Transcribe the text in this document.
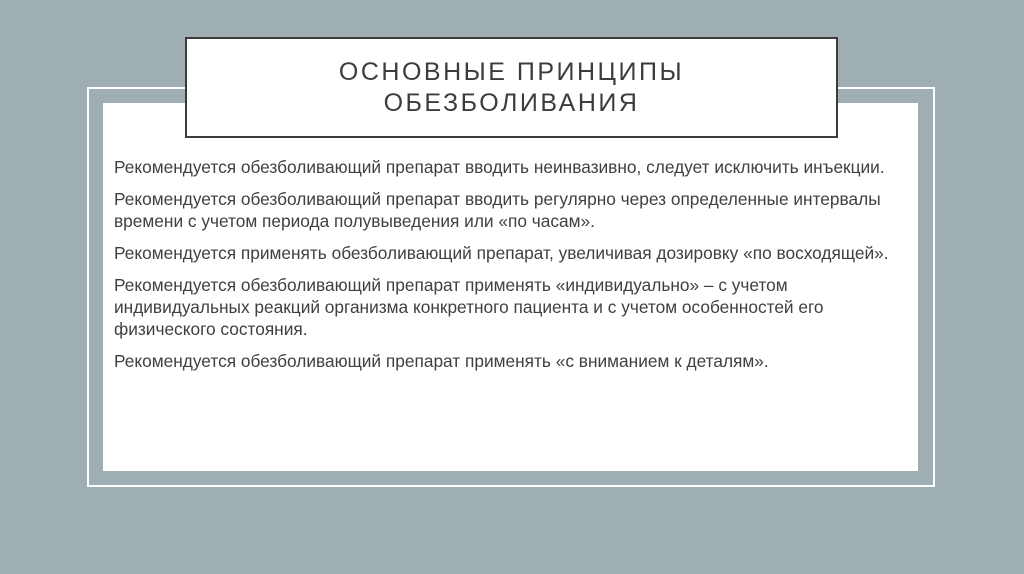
ОСНОВНЫЕ ПРИНЦИПЫ
ОБЕЗБОЛИВАНИЯ

Рекомендуется обезболивающий препарат вводить неинвазивно, следует исключить инъекции.

Рекомендуется обезболивающий препарат вводить регулярно через определенные интервалы времени с учетом периода полувыведения или «по часам».

Рекомендуется применять обезболивающий препарат, увеличивая дозировку «по восходящей».

Рекомендуется обезболивающий препарат применять «индивидуально» – с учетом индивидуальных реакций организма конкретного пациента и с учетом особенностей его физического состояния.

Рекомендуется обезболивающий препарат применять «с вниманием к деталям».
